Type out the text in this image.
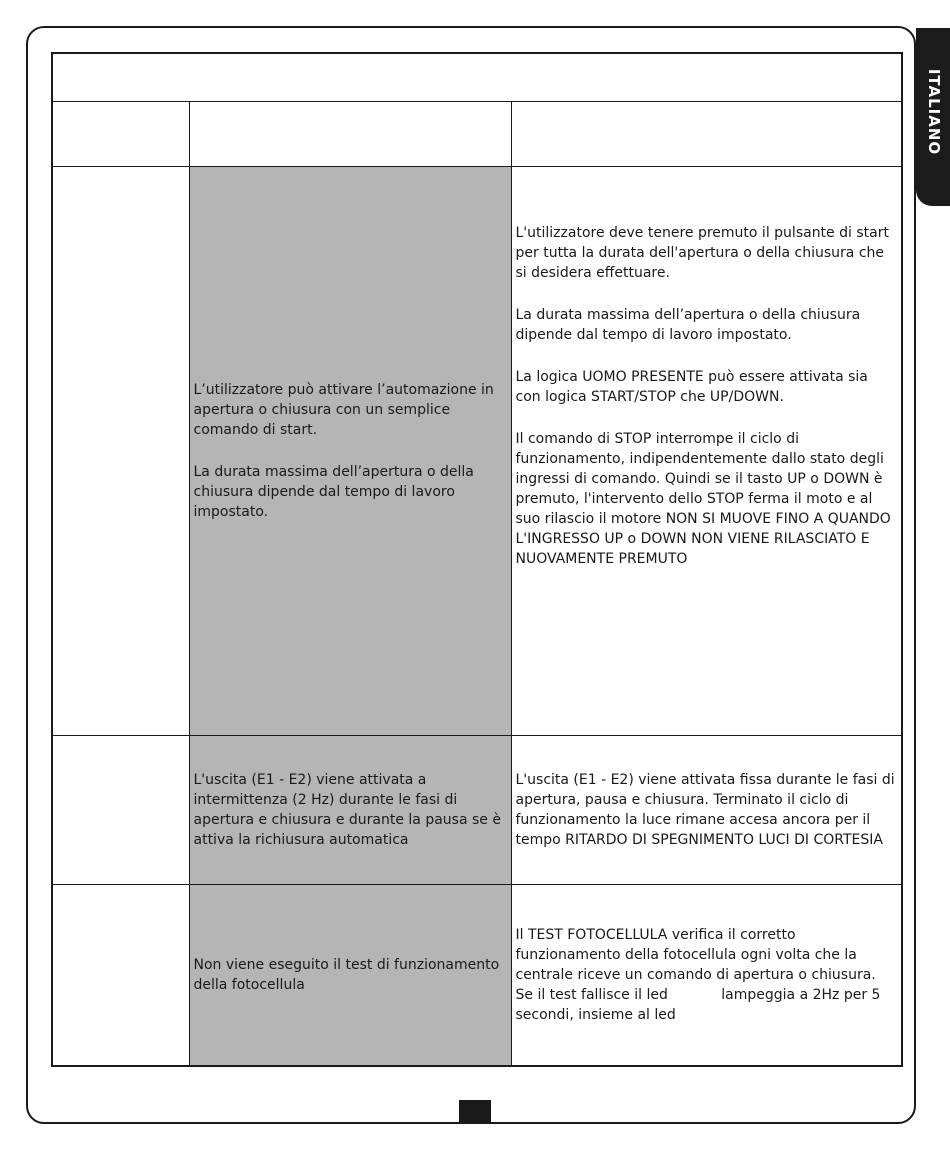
ITALIANO

	L’utilizzatore può attivare l’automazione in apertura o chiusura con un semplice comando di start.
La durata massima dell’apertura o della chiusura dipende dal tempo di lavoro impostato.	L'utilizzatore deve tenere premuto il pulsante di start per tutta la durata dell'apertura o della chiusura che si desidera effettuare.
La durata massima dell’apertura o della chiusura dipende dal tempo di lavoro impostato.
La logica UOMO PRESENTE può essere attivata sia con logica START/STOP che UP/DOWN.
Il comando di STOP interrompe il ciclo di funzionamento, indipendentemente dallo stato degli ingressi di comando. Quindi se il tasto UP o DOWN è premuto, l'intervento dello STOP ferma il moto e al suo rilascio il motore NON SI MUOVE FINO A QUANDO L'INGRESSO UP o DOWN NON VIENE RILASCIATO E NUOVAMENTE PREMUTO

	L'uscita (E1 - E2) viene attivata a intermittenza (2 Hz) durante le fasi di apertura e chiusura e durante la pausa se è attiva la richiusura automatica	L'uscita (E1 - E2) viene attivata fissa durante le fasi di apertura, pausa e chiusura. Terminato il ciclo di funzionamento la luce rimane accesa ancora per il tempo RITARDO DI SPEGNIMENTO LUCI DI CORTESIA

	Non viene eseguito il test di funzionamento della fotocellula	Il TEST FOTOCELLULA verifica il corretto funzionamento della fotocellula ogni volta che la centrale riceve un comando di apertura o chiusura.
Se il test fallisce il led            lampeggia a 2Hz per 5 secondi, insieme al led
